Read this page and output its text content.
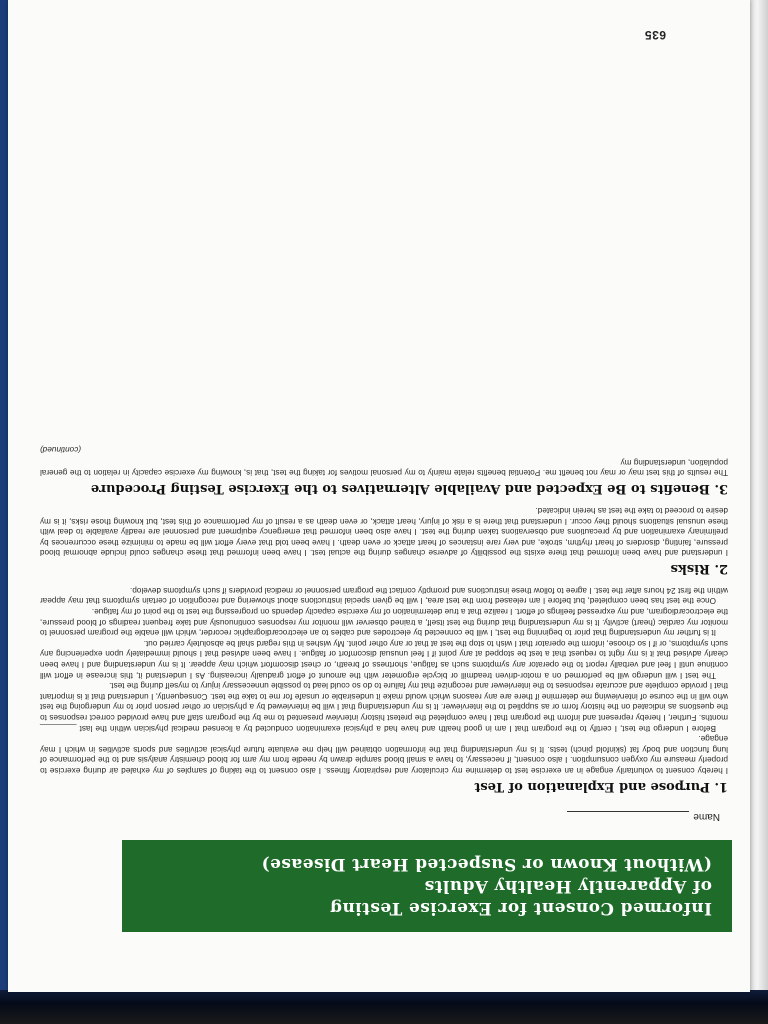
635
Informed Consent for Exercise Testing
of Apparently Healthy Adults
(Without Known or Suspected Heart Disease)
Name
1. Purpose and Explanation of Test

I hereby consent to voluntarily engage in an exercise test to determine my circulatory and respiratory fitness. I also consent to the taking of samples of my exhaled air during exercise to properly measure my oxygen consumption. I also consent, if necessary, to have a small blood sample drawn by needle from my arm for blood chemistry analysis and to the performance of lung function and body fat (skinfold pinch) tests. It is my understanding that the information obtained will help me evaluate future physical activities and sports activities in which I may engage.

Before I undergo the test, I certify to the program that I am in good health and have had a physical examination conducted by a licensed medical physician within the last ________ months. Further, I hereby represent and inform the program that I have completed the pretest history interview presented to me by the program staff and have provided correct responses to the questions as indicated on the history form or as supplied to the interviewer. It is my understanding that I will be interviewed by a physician or other person prior to my undergoing the test who will in the course of interviewing me determine if there are any reasons which would make it undesirable or unsafe for me to take the test. Consequently, I understand that it is important that I provide complete and accurate responses to the interviewer and recognize that my failure to do so could lead to possible unnecessary injury to myself during the test.

The test I will undergo will be performed on a motor-driven treadmill or bicycle ergometer with the amount of effort gradually increasing. As I understand it, this increase in effort will continue until I feel and verbally report to the operator any symptoms such as fatigue, shortness of breath, or chest discomfort which may appear. It is my understanding and I have been clearly advised that it is my right to request that a test be stopped at any point if I feel unusual discomfort or fatigue. I have been advised that I should immediately upon experiencing any such symptoms, or if I so choose, inform the operator that I wish to stop the test at that or any other point. My wishes in this regard shall be absolutely carried out.

It is further my understanding that prior to beginning the test, I will be connected by electrodes and cables to an electrocardiographic recorder, which will enable the program personnel to monitor my cardiac (heart) activity. It is my understanding that during the test itself, a trained observer will monitor my responses continuously and take frequent readings of blood pressure, the electrocardiogram, and my expressed feelings of effort. I realize that a true determination of my exercise capacity depends on progressing the test to the point of my fatigue.

Once the test has been completed, but before I am released from the test area, I will be given special instructions about showering and recognition of certain symptoms that may appear within the first 24 hours after the test. I agree to follow these instructions and promptly contact the program personnel or medical providers if such symptoms develop.

2. Risks

I understand and have been informed that there exists the possibility of adverse changes during the actual test. I have been informed that these changes could include abnormal blood pressure, fainting, disorders of heart rhythm, stroke, and very rare instances of heart attack or even death. I have been told that every effort will be made to minimize these occurrences by preliminary examination and by precautions and observations taken during the test. I have also been informed that emergency equipment and personnel are readily available to deal with these unusual situations should they occur. I understand that there is a risk of injury, heart attack, or even death as a result of my performance of this test, but knowing those risks, it is my desire to proceed to take the test as herein indicated.

3. Benefits to Be Expected and Available Alternatives to the Exercise Testing Procedure

The results of this test may or may not benefit me. Potential benefits relate mainly to my personal motives for taking the test, that is, knowing my exercise capacity in relation to the general population, understanding my

(continued)
